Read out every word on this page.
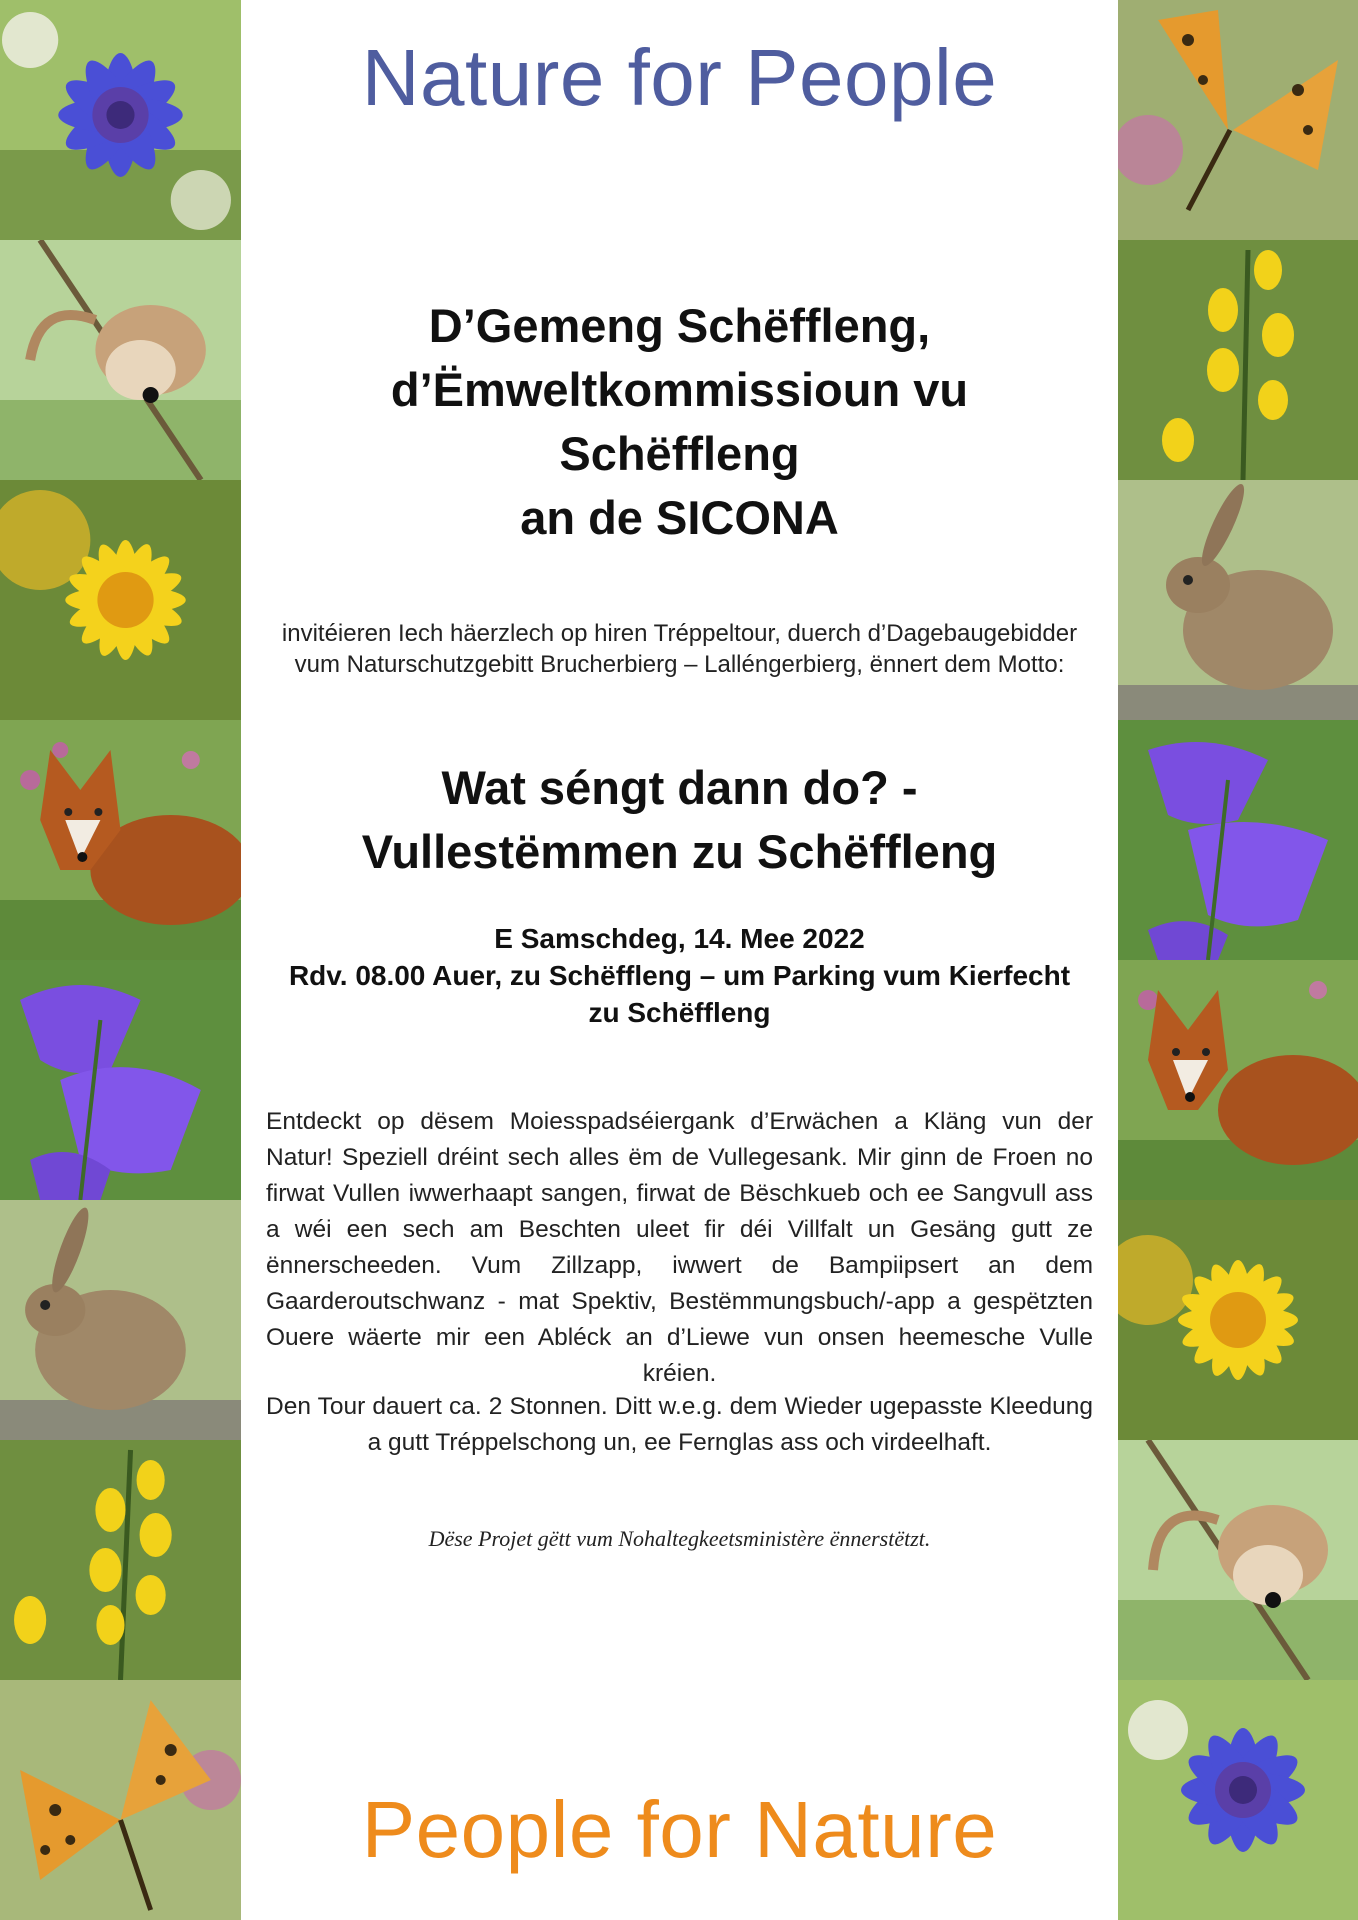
Nature for People
D’Gemeng Schëffleng,
d’Ëmweltkommissioun vu
Schëffleng
an de SICONA

invitéieren Iech häerzlech op hiren Tréppeltour, duerch d’Dagebaugebidder vum Naturschutzgebitt Brucherbierg – Lalléngerbierg, ënnert dem Motto:

Wat séngt dann do? -
Vullestëmmen zu Schëffleng
E Samschdeg, 14. Mee 2022
Rdv. 08.00 Auer, zu Schëffleng – um Parking vum Kierfecht
zu Schëffleng

Entdeckt op dësem Moiesspadséiergank d’Erwächen a Kläng vun der Natur! Speziell dréint sech alles ëm de Vullegesank. Mir ginn de Froen no firwat Vullen iwwerhaapt sangen, firwat de Bëschkueb och ee Sangvull ass a wéi een sech am Beschten uleet fir déi Villfalt un Gesäng gutt ze ënnerscheeden. Vum Zillzapp, iwwert de Bampiipsert an dem Gaarderoutschwanz - mat Spektiv, Bestëmmungsbuch/-app a gespëtzten Ouere wäerte mir een Abléck an d’Liewe vun onsen heemesche Vulle kréien.

Den Tour dauert ca. 2 Stonnen. Ditt w.e.g. dem Wieder ugepasste Kleedung a gutt Tréppelschong un, ee Fernglas ass och virdeelhaft.

Dëse Projet gëtt vum Nohaltegkeetsministère ënnerstëtzt.

People for Nature
